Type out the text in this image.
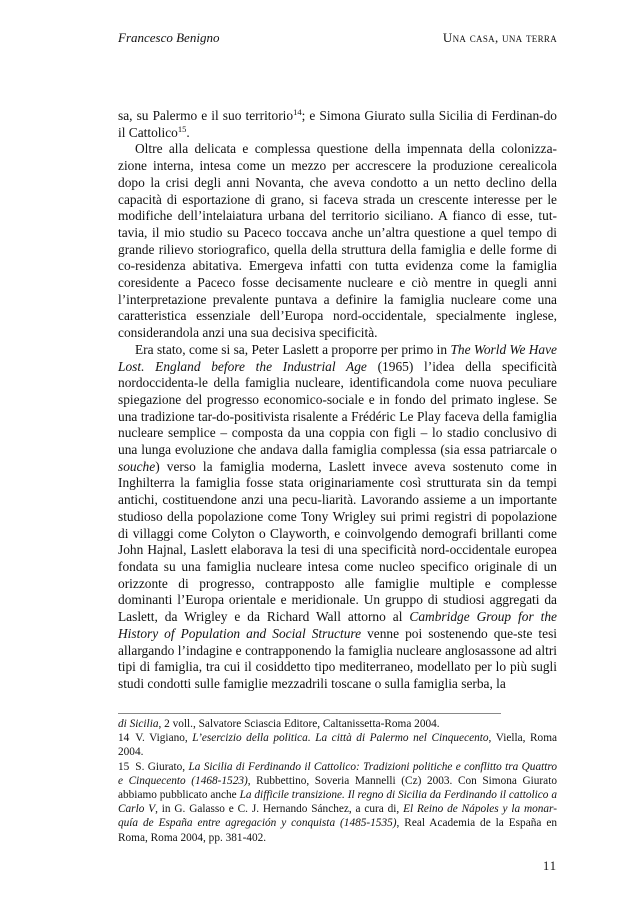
Francesco Benigno	Una casa, una terra

sa, su Palermo e il suo territorio$^{14}$; e Simona Giurato sulla Sicilia di Ferdinan-do il Cattolico$^{15}$.

Oltre alla delicata e complessa questione della impennata della colonizza-zione interna, intesa come un mezzo per accrescere la produzione cerealicola dopo la crisi degli anni Novanta, che aveva condotto a un netto declino della capacità di esportazione di grano, si faceva strada un crescente interesse per le modifiche dell’intelaiatura urbana del territorio siciliano. A fianco di esse, tut-tavia, il mio studio su Paceco toccava anche un’altra questione a quel tempo di grande rilievo storiografico, quella della struttura della famiglia e delle forme di co-residenza abitativa. Emergeva infatti con tutta evidenza come la famiglia coresidente a Paceco fosse decisamente nucleare e ciò mentre in quegli anni l’interpretazione prevalente puntava a definire la famiglia nucleare come una caratteristica essenziale dell’Europa nord-occidentale, specialmente inglese, considerandola anzi una sua decisiva specificità.

Era stato, come si sa, Peter Laslett a proporre per primo in The World We Have Lost. England before the Industrial Age (1965) l’idea della specificità nordoccidenta-le della famiglia nucleare, identificandola come nuova peculiare spiegazione del progresso economico-sociale e in fondo del primato inglese. Se una tradizione tar-do-positivista risalente a Frédéric Le Play faceva della famiglia nucleare semplice – composta da una coppia con figli – lo stadio conclusivo di una lunga evoluzione che andava dalla famiglia complessa (sia essa patriarcale o souche) verso la famiglia moderna, Laslett invece aveva sostenuto come in Inghilterra la famiglia fosse stata originariamente così strutturata sin da tempi antichi, costituendone anzi una pecu-liarità. Lavorando assieme a un importante studioso della popolazione come Tony Wrigley sui primi registri di popolazione di villaggi come Colyton o Clayworth, e coinvolgendo demografi brillanti come John Hajnal, Laslett elaborava la tesi di una specificità nord-occidentale europea fondata su una famiglia nucleare intesa come nucleo specifico originale di un orizzonte di progresso, contrapposto alle famiglie multiple e complesse dominanti l’Europa orientale e meridionale. Un gruppo di studiosi aggregati da Laslett, da Wrigley e da Richard Wall attorno al Cambridge Group for the History of Population and Social Structure venne poi sostenendo que-ste tesi allargando l’indagine e contrapponendo la famiglia nucleare anglosassone ad altri tipi di famiglia, tra cui il cosiddetto tipo mediterraneo, modellato per lo più sugli studi condotti sulle famiglie mezzadrili toscane o sulla famiglia serba, la

di Sicilia, 2 voll., Salvatore Sciascia Editore, Caltanissetta-Roma 2004.

14 V. Vigiano, L’esercizio della politica. La città di Palermo nel Cinquecento, Viella, Roma 2004.

15 S. Giurato, La Sicilia di Ferdinando il Cattolico: Tradizioni politiche e conflitto tra Quattro e Cinquecento (1468-1523), Rubbettino, Soveria Mannelli (Cz) 2003. Con Simona Giurato abbiamo pubblicato anche La difficile transizione. Il regno di Sicilia da Ferdinando il cattolico a Carlo V, in G. Galasso e C. J. Hernando Sánchez, a cura di, El Reino de Nápoles y la monar-quía de España entre agregación y conquista (1485-1535), Real Academia de la España en Roma, Roma 2004, pp. 381-402.

11
